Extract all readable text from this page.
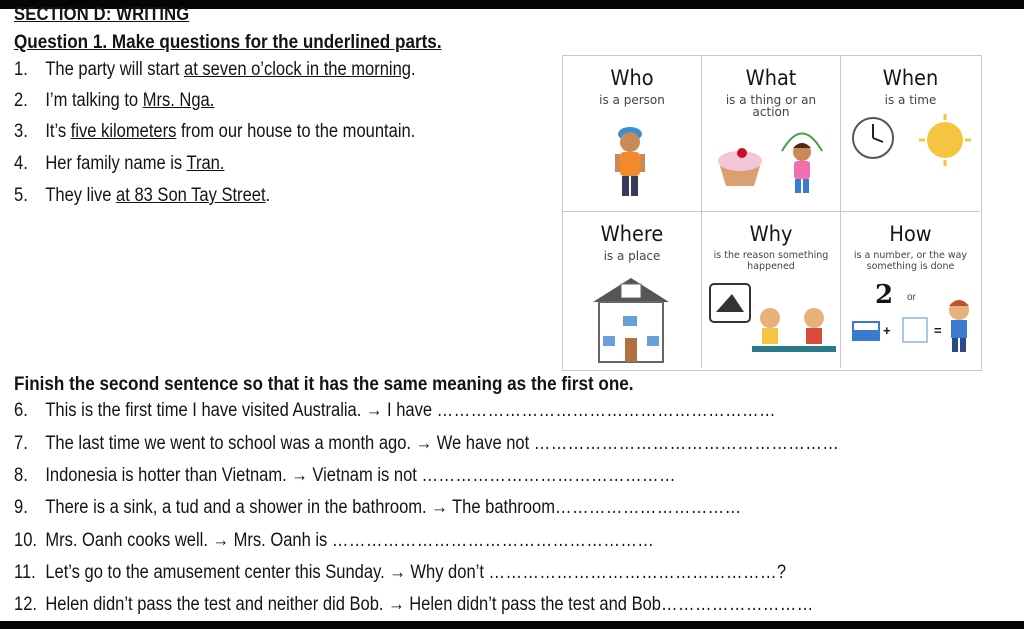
SECTION D: WRITING
Question 1. Make questions for the underlined parts.
1. The party will start at seven o’clock in the morning.
2. I’m talking to Mrs. Nga.
3. It’s five kilometers from our house to the mountain.
4. Her family name is Tran.
5. They live at 83 Son Tay Street.
Who
is a person
What
is a thing or an action
When
is a time
Where
is a place
Why
is the reason something happened
How
is a number, or the way something is done
2 or
+	=
Finish the second sentence so that it has the same meaning as the first one.
6. This is the first time I have visited Australia. → I have ……………………………………………………
7. The last time we went to school was a month ago. → We have not ………………………………………………
8. Indonesia is hotter than Vietnam. → Vietnam is not ………………………………………
9. There is a sink, a tud and a shower in the bathroom. → The bathroom……………………………
10. Mrs. Oanh cooks well. → Mrs. Oanh is …………………………………………………
11. Let’s go to the amusement center this Sunday. → Why don’t ……………………………………………?
12. Helen didn’t pass the test and neither did Bob. → Helen didn’t pass the test and Bob………………………
